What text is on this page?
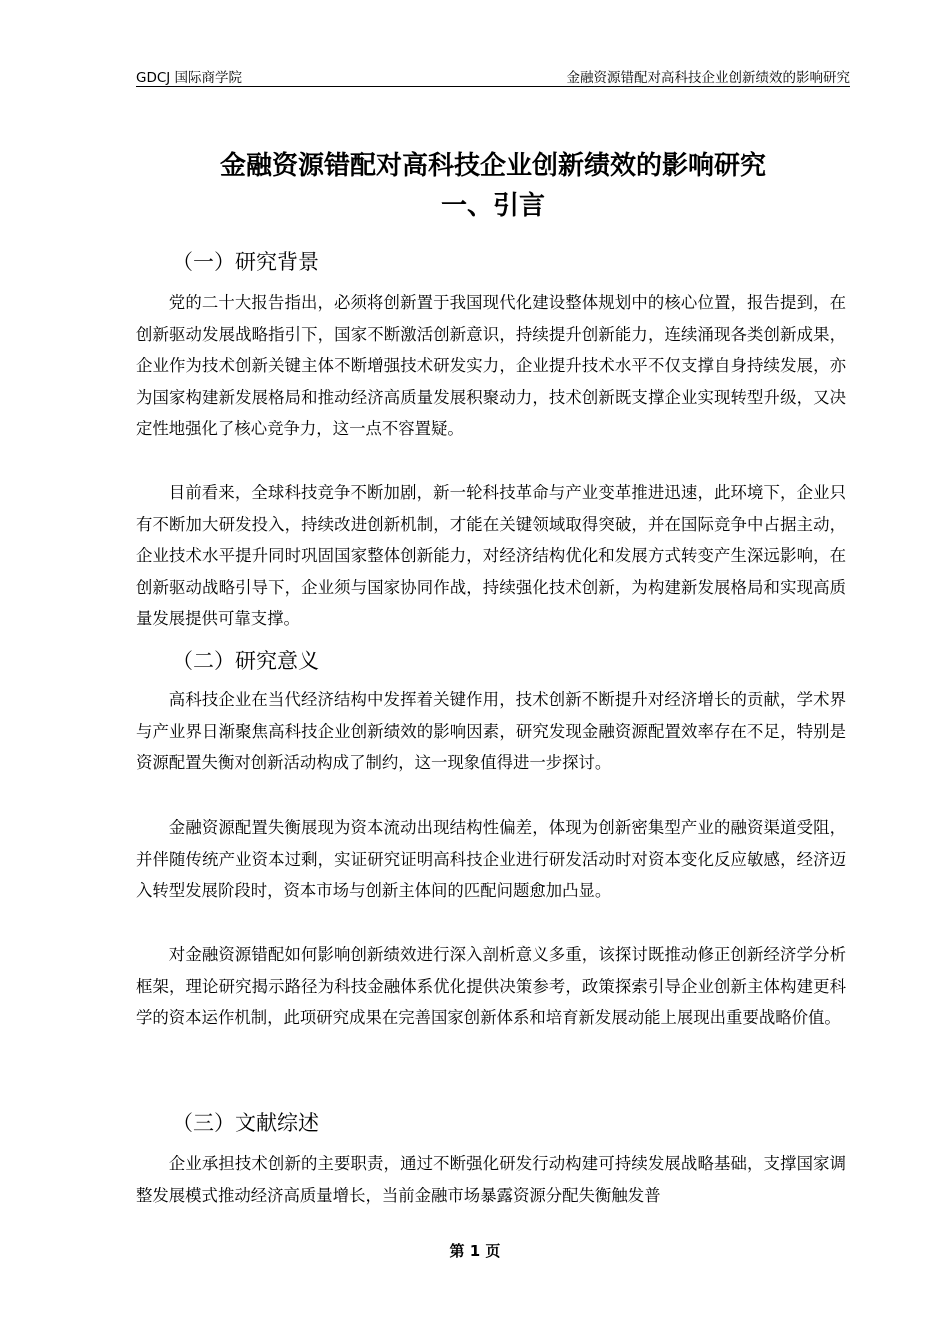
GDCJ 国际商学院	金融资源错配对高科技企业创新绩效的影响研究
金融资源错配对高科技企业创新绩效的影响研究
一、引言
（一）研究背景

党的二十大报告指出，必须将创新置于我国现代化建设整体规划中的核心位置，报告提到，在创新驱动发展战略指引下，国家不断激活创新意识，持续提升创新能力，连续涌现各类创新成果，企业作为技术创新关键主体不断增强技术研发实力，企业提升技术水平不仅支撑自身持续发展，亦为国家构建新发展格局和推动经济高质量发展积聚动力，技术创新既支撑企业实现转型升级，又决定性地强化了核心竞争力，这一点不容置疑。

目前看来，全球科技竞争不断加剧，新一轮科技革命与产业变革推进迅速，此环境下，企业只有不断加大研发投入，持续改进创新机制，才能在关键领域取得突破，并在国际竞争中占据主动，企业技术水平提升同时巩固国家整体创新能力，对经济结构优化和发展方式转变产生深远影响，在创新驱动战略引导下，企业须与国家协同作战，持续强化技术创新，为构建新发展格局和实现高质量发展提供可靠支撑。

（二）研究意义

高科技企业在当代经济结构中发挥着关键作用，技术创新不断提升对经济增长的贡献，学术界与产业界日渐聚焦高科技企业创新绩效的影响因素，研究发现金融资源配置效率存在不足，特别是资源配置失衡对创新活动构成了制约，这一现象值得进一步探讨。

金融资源配置失衡展现为资本流动出现结构性偏差，体现为创新密集型产业的融资渠道受阻，并伴随传统产业资本过剩，实证研究证明高科技企业进行研发活动时对资本变化反应敏感，经济迈入转型发展阶段时，资本市场与创新主体间的匹配问题愈加凸显。

对金融资源错配如何影响创新绩效进行深入剖析意义多重，该探讨既推动修正创新经济学分析框架，理论研究揭示路径为科技金融体系优化提供决策参考，政策探索引导企业创新主体构建更科学的资本运作机制，此项研究成果在完善国家创新体系和培育新发展动能上展现出重要战略价值。

（三）文献综述

企业承担技术创新的主要职责，通过不断强化研发行动构建可持续发展战略基础，支撑国家调整发展模式推动经济高质量增长，当前金融市场暴露资源分配失衡触发普

第 1 页
